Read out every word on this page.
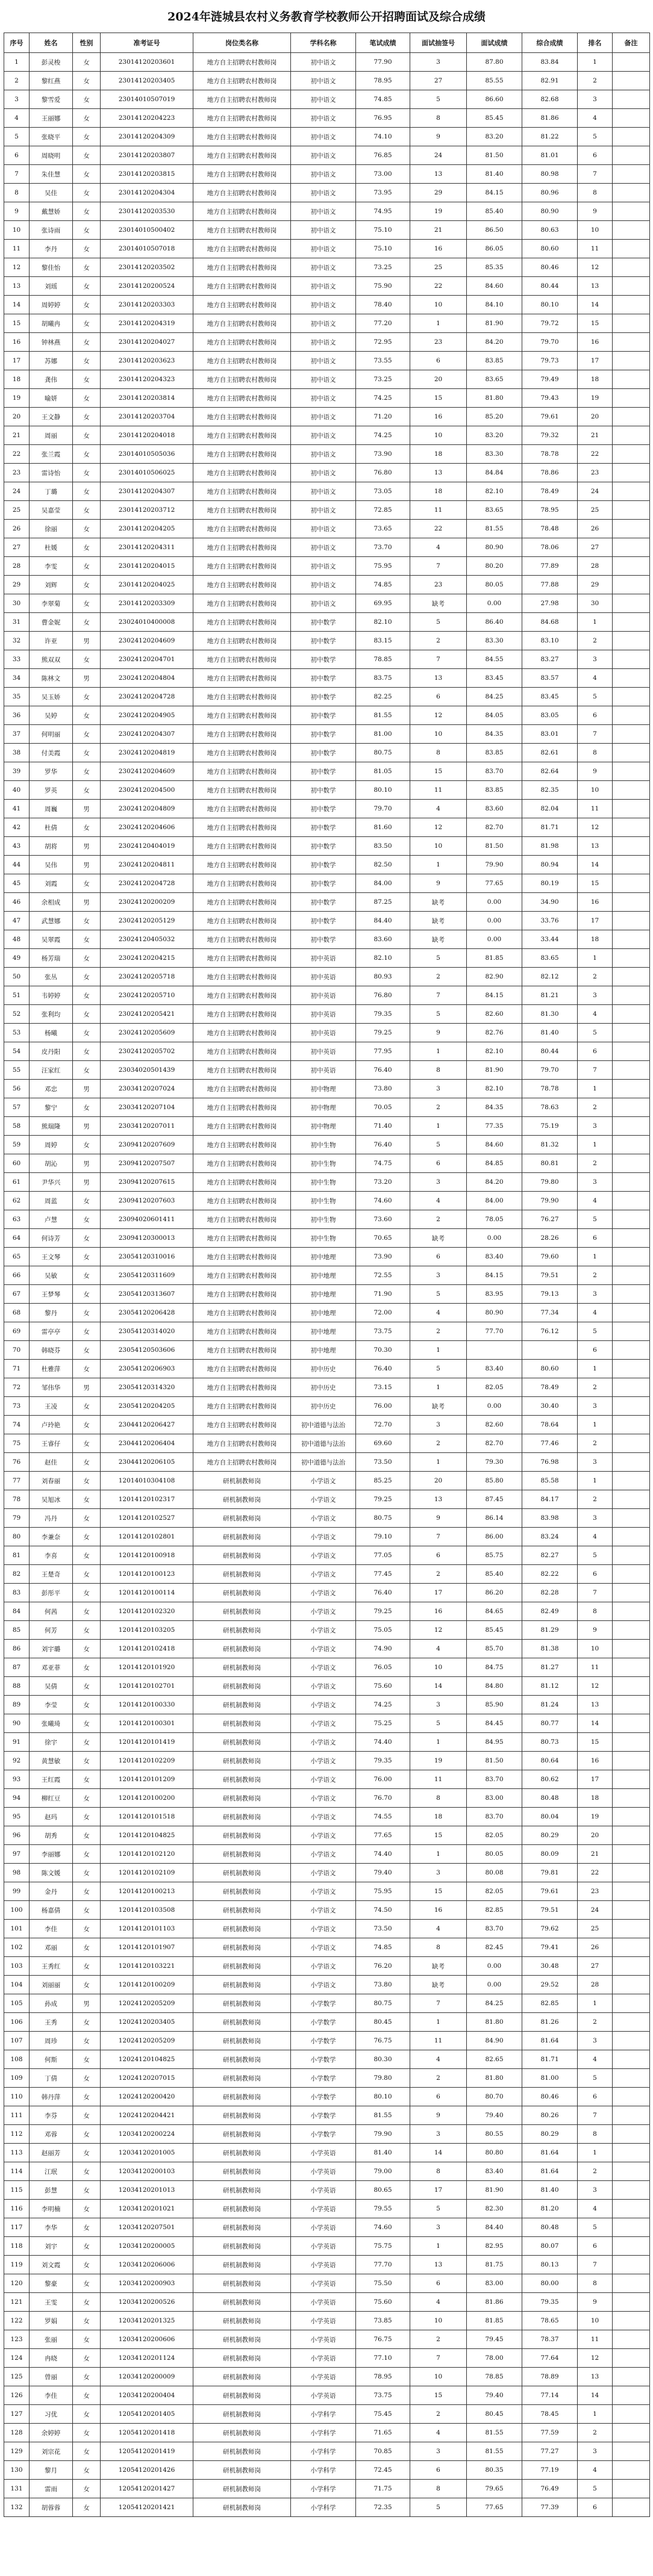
2024年涟城县农村义务教育学校教师公开招聘面试及综合成绩
序号	姓名	性别	准考证号	岗位类名称	学科名称	笔试成绩	面试抽签号	面试成绩	综合成绩	排名	备注
1	彭灵梭	女	23014120203601	地方自主招聘农村教师岗	初中语文	77.90	3	87.80	83.84	1	
2	黎红燕	女	23014120203405	地方自主招聘农村教师岗	初中语文	78.95	27	85.55	82.91	2	
3	黎雪爱	女	23014010507019	地方自主招聘农村教师岗	初中语文	74.85	5	86.60	82.68	3	
4	王丽娜	女	23014120204223	地方自主招聘农村教师岗	初中语文	76.95	8	85.45	81.86	4	
5	张晓平	女	23014120204309	地方自主招聘农村教师岗	初中语文	74.10	9	83.20	81.22	5	
6	周晓明	女	23014120203807	地方自主招聘农村教师岗	初中语文	76.85	24	81.50	81.01	6	
7	朱佳慧	女	23014120203815	地方自主招聘农村教师岗	初中语文	73.00	13	81.40	80.98	7	
8	吴佳	女	23014120204304	地方自主招聘农村教师岗	初中语文	73.95	29	84.15	80.96	8	
9	戴慧娇	女	23014120203530	地方自主招聘农村教师岗	初中语文	74.95	19	85.40	80.90	9	
10	张诗雨	女	23014010500402	地方自主招聘农村教师岗	初中语文	75.10	21	86.50	80.63	10	
11	李丹	女	23014010507018	地方自主招聘农村教师岗	初中语文	75.10	16	86.05	80.60	11	
12	黎佳怡	女	23014120203502	地方自主招聘农村教师岗	初中语文	73.25	25	85.35	80.46	12	
13	刘瑶	女	23014120200524	地方自主招聘农村教师岗	初中语文	75.90	22	84.60	80.44	13	
14	周婷婷	女	23014120203303	地方自主招聘农村教师岗	初中语文	78.40	10	84.10	80.10	14	
15	胡曦冉	女	23014120204319	地方自主招聘农村教师岗	初中语文	77.20	1	81.90	79.72	15	
16	钟林燕	女	23014120204027	地方自主招聘农村教师岗	初中语文	72.95	23	84.20	79.70	16	
17	苏娜	女	23014120203623	地方自主招聘农村教师岗	初中语文	73.55	6	83.85	79.73	17	
18	龚伟	女	23014120204323	地方自主招聘农村教师岗	初中语文	73.25	20	83.65	79.49	18	
19	喻妍	女	23014120203814	地方自主招聘农村教师岗	初中语文	74.25	15	81.80	79.43	19	
20	王文静	女	23014120203704	地方自主招聘农村教师岗	初中语文	71.20	16	85.20	79.61	20	
21	周丽	女	23014120204018	地方自主招聘农村教师岗	初中语文	74.25	10	83.20	79.32	21	
22	张兰霞	女	23014010505036	地方自主招聘农村教师岗	初中语文	73.90	18	83.30	78.78	22	
23	雷诗怡	女	23014010506025	地方自主招聘农村教师岗	初中语文	76.80	13	84.84	78.86	23	
24	丁璐	女	23014120204307	地方自主招聘农村教师岗	初中语文	73.05	18	82.10	78.49	24	
25	吴嘉莹	女	23014120203712	地方自主招聘农村教师岗	初中语文	72.85	11	83.65	78.95	25	
26	徐丽	女	23014120204205	地方自主招聘农村教师岗	初中语文	73.65	22	81.55	78.48	26	
27	杜媛	女	23014120204311	地方自主招聘农村教师岗	初中语文	73.70	4	80.90	78.06	27	
28	李雯	女	23014120204015	地方自主招聘农村教师岗	初中语文	75.95	7	80.20	77.89	28	
29	刘辉	女	23014120204025	地方自主招聘农村教师岗	初中语文	74.85	23	80.05	77.88	29	
30	李翠菊	女	23014120203309	地方自主招聘农村教师岗	初中语文	69.95	缺考	0.00	27.98	30	
31	曹金妮	女	23024010400008	地方自主招聘农村教师岗	初中数学	82.10	5	86.40	84.68	1	
32	许亚	男	23024120204609	地方自主招聘农村教师岗	初中数学	83.15	2	83.30	83.10	2	
33	熊双双	女	23024120204701	地方自主招聘农村教师岗	初中数学	78.85	7	84.55	83.27	3	
34	陈林文	男	23024120204804	地方自主招聘农村教师岗	初中数学	83.75	13	83.45	83.57	4	
35	吴玉娇	女	23024120204728	地方自主招聘农村教师岗	初中数学	82.25	6	84.25	83.45	5	
36	吴婷	女	23024120204905	地方自主招聘农村教师岗	初中数学	81.55	12	84.05	83.05	6	
37	何明丽	女	23024120204307	地方自主招聘农村教师岗	初中数学	81.00	10	84.35	83.01	7	
38	付美霞	女	23024120204819	地方自主招聘农村教师岗	初中数学	80.75	8	83.85	82.61	8	
39	罗华	女	23024120204609	地方自主招聘农村教师岗	初中数学	81.05	15	83.70	82.64	9	
40	罗英	女	23024120204500	地方自主招聘农村教师岗	初中数学	80.10	11	83.85	82.35	10	
41	周巍	男	23024120204809	地方自主招聘农村教师岗	初中数学	79.70	4	83.60	82.04	11	
42	杜倩	女	23024120204606	地方自主招聘农村教师岗	初中数学	81.60	12	82.70	81.71	12	
43	胡将	男	23024120404019	地方自主招聘农村教师岗	初中数学	83.50	10	81.50	81.98	13	
44	吴伟	男	23024120204811	地方自主招聘农村教师岗	初中数学	82.50	1	79.90	80.94	14	
45	刘霞	女	23024120204728	地方自主招聘农村教师岗	初中数学	84.00	9	77.65	80.19	15	
46	余相成	男	23024120200209	地方自主招聘农村教师岗	初中数学	87.25	缺考	0.00	34.90	16	
47	武慧娜	女	23024120205129	地方自主招聘农村教师岗	初中数学	84.40	缺考	0.00	33.76	17	
48	吴翠霞	女	23024120405032	地方自主招聘农村教师岗	初中数学	83.60	缺考	0.00	33.44	18	
49	杨芳瑞	女	23024120204215	地方自主招聘农村教师岗	初中英语	82.10	5	81.85	83.65	1	
50	张丛	女	23024120205718	地方自主招聘农村教师岗	初中英语	80.93	2	82.90	82.12	2	
51	韦婷婷	女	23024120205710	地方自主招聘农村教师岗	初中英语	76.80	7	84.15	81.21	3	
52	张利均	女	23024120205421	地方自主招聘农村教师岗	初中英语	79.35	5	82.60	81.30	4	
53	杨曦	女	23024120205609	地方自主招聘农村教师岗	初中英语	79.25	9	82.76	81.40	5	
54	皮丹阳	女	23024120205702	地方自主招聘农村教师岗	初中英语	77.95	1	82.10	80.44	6	
55	汪家红	女	23034020501439	地方自主招聘农村教师岗	初中英语	76.40	8	81.90	79.70	7	
56	邓忠	男	23034120207024	地方自主招聘农村教师岗	初中物理	73.80	3	82.10	78.78	1	
57	黎宁	女	23034120207104	地方自主招聘农村教师岗	初中物理	70.05	2	84.35	78.63	2	
58	熊瑞隆	男	23034120207011	地方自主招聘农村教师岗	初中物理	71.40	1	77.35	75.19	3	
59	周婷	女	23094120207609	地方自主招聘农村教师岗	初中生物	76.40	5	84.60	81.32	1	
60	胡沁	男	23094120207507	地方自主招聘农村教师岗	初中生物	74.75	6	84.85	80.81	2	
61	尹华兴	男	23094120207615	地方自主招聘农村教师岗	初中生物	73.20	3	84.20	79.80	3	
62	周蓝	女	23094120207603	地方自主招聘农村教师岗	初中生物	74.60	4	84.00	79.90	4	
63	卢慧	女	23094020601411	地方自主招聘农村教师岗	初中生物	73.60	2	78.05	76.27	5	
64	何诗芳	女	23094120300013	地方自主招聘农村教师岗	初中生物	70.65	缺考	0.00	28.26	6	
65	王文琴	女	23054120310016	地方自主招聘农村教师岗	初中地理	73.90	6	83.40	79.60	1	
66	吴敏	女	23054120311609	地方自主招聘农村教师岗	初中地理	72.55	3	84.15	79.51	2	
67	王梦琴	女	23054120313607	地方自主招聘农村教师岗	初中地理	71.90	5	83.95	79.13	3	
68	黎丹	女	23054120206428	地方自主招聘农村教师岗	初中地理	72.00	4	80.90	77.34	4	
69	雷亭亭	女	23054120314020	地方自主招聘农村教师岗	初中地理	73.75	2	77.70	76.12	5	
70	韩晓芬	女	23054120503606	地方自主招聘农村教师岗	初中地理	70.30	1			6	
71	杜雅萍	女	23054120206903	地方自主招聘农村教师岗	初中历史	76.40	5	83.40	80.60	1	
72	邹伟华	男	23054120314320	地方自主招聘农村教师岗	初中历史	73.15	1	82.05	78.49	2	
73	王凌	女	23054120204205	地方自主招聘农村教师岗	初中历史	76.00	缺考	0.00	30.40	3	
74	卢玲艳	女	23044120206427	地方自主招聘农村教师岗	初中道德与法治	72.70	3	82.60	78.64	1	
75	王睿仔	女	23044120206404	地方自主招聘农村教师岗	初中道德与法治	69.60	2	82.70	77.46	2	
76	赵佳	女	23044120206105	地方自主招聘农村教师岗	初中道德与法治	73.50	1	79.30	76.98	3	
77	刘春丽	女	12014010304108	研机制教师岗	小学语文	85.25	20	85.80	85.58	1	
78	吴旭冰	女	12014120102317	研机制教师岗	小学语文	79.25	13	87.45	84.17	2	
79	冯丹	女	12014120102527	研机制教师岗	小学语文	80.75	9	86.14	83.98	3	
80	李兼奈	女	12014120102801	研机制教师岗	小学语文	79.10	7	86.00	83.24	4	
81	李喜	女	12014120100918	研机制教师岗	小学语文	77.05	6	85.75	82.27	5	
82	王楚奇	女	12014120100123	研机制教师岗	小学语文	77.45	2	85.40	82.22	6	
83	彭彤平	女	12014120100114	研机制教师岗	小学语文	76.40	17	86.20	82.28	7	
84	何茜	女	12014120102320	研机制教师岗	小学语文	79.25	16	84.65	82.49	8	
85	何芳	女	12014120103205	研机制教师岗	小学语文	75.05	12	85.45	81.29	9	
86	刘宇璐	女	12014120102418	研机制教师岗	小学语文	74.90	4	85.70	81.38	10	
87	邓亚菲	女	12014120101920	研机制教师岗	小学语文	76.05	10	84.75	81.27	11	
88	吴倩	女	12014120102701	研机制教师岗	小学语文	75.60	14	84.80	81.12	12	
89	李莹	女	12014120100330	研机制教师岗	小学语文	74.25	3	85.90	81.24	13	
90	张曦琦	女	12014120100301	研机制教师岗	小学语文	75.25	5	84.45	80.77	14	
91	徐宇	女	12014120101419	研机制教师岗	小学语文	74.40	1	84.95	80.73	15	
92	黄慧敏	女	12014120102209	研机制教师岗	小学语文	79.35	19	81.50	80.64	16	
93	王红霞	女	12014120101209	研机制教师岗	小学语文	76.00	11	83.70	80.62	17	
94	柳红豆	女	12014120100200	研机制教师岗	小学语文	76.70	8	83.00	80.48	18	
95	赵玛	女	12014120101518	研机制教师岗	小学语文	74.55	18	83.70	80.04	19	
96	胡秀	女	12014120104825	研机制教师岗	小学语文	77.65	15	82.05	80.29	20	
97	李丽娜	女	12014120102120	研机制教师岗	小学语文	74.40	1	80.05	80.09	21	
98	陈文媛	女	12014120102109	研机制教师岗	小学语文	79.40	3	80.08	79.81	22	
99	金丹	女	12014120100213	研机制教师岗	小学语文	75.95	15	82.05	79.61	23	
100	杨嘉倩	女	12014120103508	研机制教师岗	小学语文	74.50	16	82.85	79.51	24	
101	李佳	女	12014120101103	研机制教师岗	小学语文	73.50	4	83.70	79.62	25	
102	邓丽	女	12014120101907	研机制教师岗	小学语文	74.85	8	82.45	79.41	26	
103	王秀红	女	12014120103221	研机制教师岗	小学语文	76.20	缺考	0.00	30.48	27	
104	刘丽丽	女	12014120100209	研机制教师岗	小学语文	73.80	缺考	0.00	29.52	28	
105	孙成	男	12024120205209	研机制教师岗	小学数学	80.75	7	84.25	82.85	1	
106	王秀	女	12024120203405	研机制教师岗	小学数学	80.45	1	81.80	81.26	2	
107	周珍	女	12024120205209	研机制教师岗	小学数学	76.75	11	84.90	81.64	3	
108	何斯	女	12024120104825	研机制教师岗	小学数学	80.30	4	82.65	81.71	4	
109	丁倩	女	12024120207015	研机制教师岗	小学数学	79.80	2	81.80	81.00	5	
110	韩丹萍	女	12024120200420	研机制教师岗	小学数学	80.10	6	80.70	80.46	6	
111	李芬	女	12024120204421	研机制教师岗	小学数学	81.55	9	79.40	80.26	7	
112	邓蓉	女	12034120200224	研机制教师岗	小学数学	79.90	3	80.55	80.29	8	
113	赵丽芳	女	12034120201005	研机制教师岗	小学英语	81.40	14	80.80	81.64	1	
114	江珉	女	12034120200103	研机制教师岗	小学英语	79.00	8	83.40	81.64	2	
115	彭慧	女	12034120201013	研机制教师岗	小学英语	80.65	17	81.90	81.40	3	
116	李明楠	女	12034120201021	研机制教师岗	小学英语	79.55	5	82.30	81.20	4	
117	李华	女	12034120207501	研机制教师岗	小学英语	74.60	3	84.40	80.48	5	
118	刘宇	女	12034120200005	研机制教师岗	小学英语	75.75	1	82.95	80.07	6	
119	刘文霞	女	12034120206006	研机制教师岗	小学英语	77.70	13	81.75	80.13	7	
120	黎豪	女	12034120200903	研机制教师岗	小学英语	75.50	6	83.00	80.00	8	
121	王雯	女	12034120200526	研机制教师岗	小学英语	75.60	4	81.86	79.35	9	
122	罗娟	女	12034120201325	研机制教师岗	小学英语	73.85	10	81.85	78.65	10	
123	张丽	女	12034120200606	研机制教师岗	小学英语	76.75	2	79.45	78.37	11	
124	冉晓	女	12034120201124	研机制教师岗	小学英语	77.10	7	78.00	77.64	12	
125	曾丽	女	12034120200009	研机制教师岗	小学英语	78.95	10	78.85	78.89	13	
126	李佳	女	12034120200404	研机制教师岗	小学英语	73.75	15	79.40	77.14	14	
127	习优	女	12054120201405	研机制教师岗	小学科学	75.45	2	80.45	78.45	1	
128	余婷婷	女	12054120201418	研机制教师岗	小学科学	71.65	4	81.55	77.59	2	
129	刘宗花	女	12054120201419	研机制教师岗	小学科学	70.85	3	81.55	77.27	3	
130	黎月	女	12054120201426	研机制教师岗	小学科学	72.45	6	80.35	77.19	4	
131	雷雨	女	12054120201427	研机制教师岗	小学科学	71.75	8	79.65	76.49	5	
132	胡蓉蓉	女	12054120201421	研机制教师岗	小学科学	72.35	5	77.65	77.39	6	
